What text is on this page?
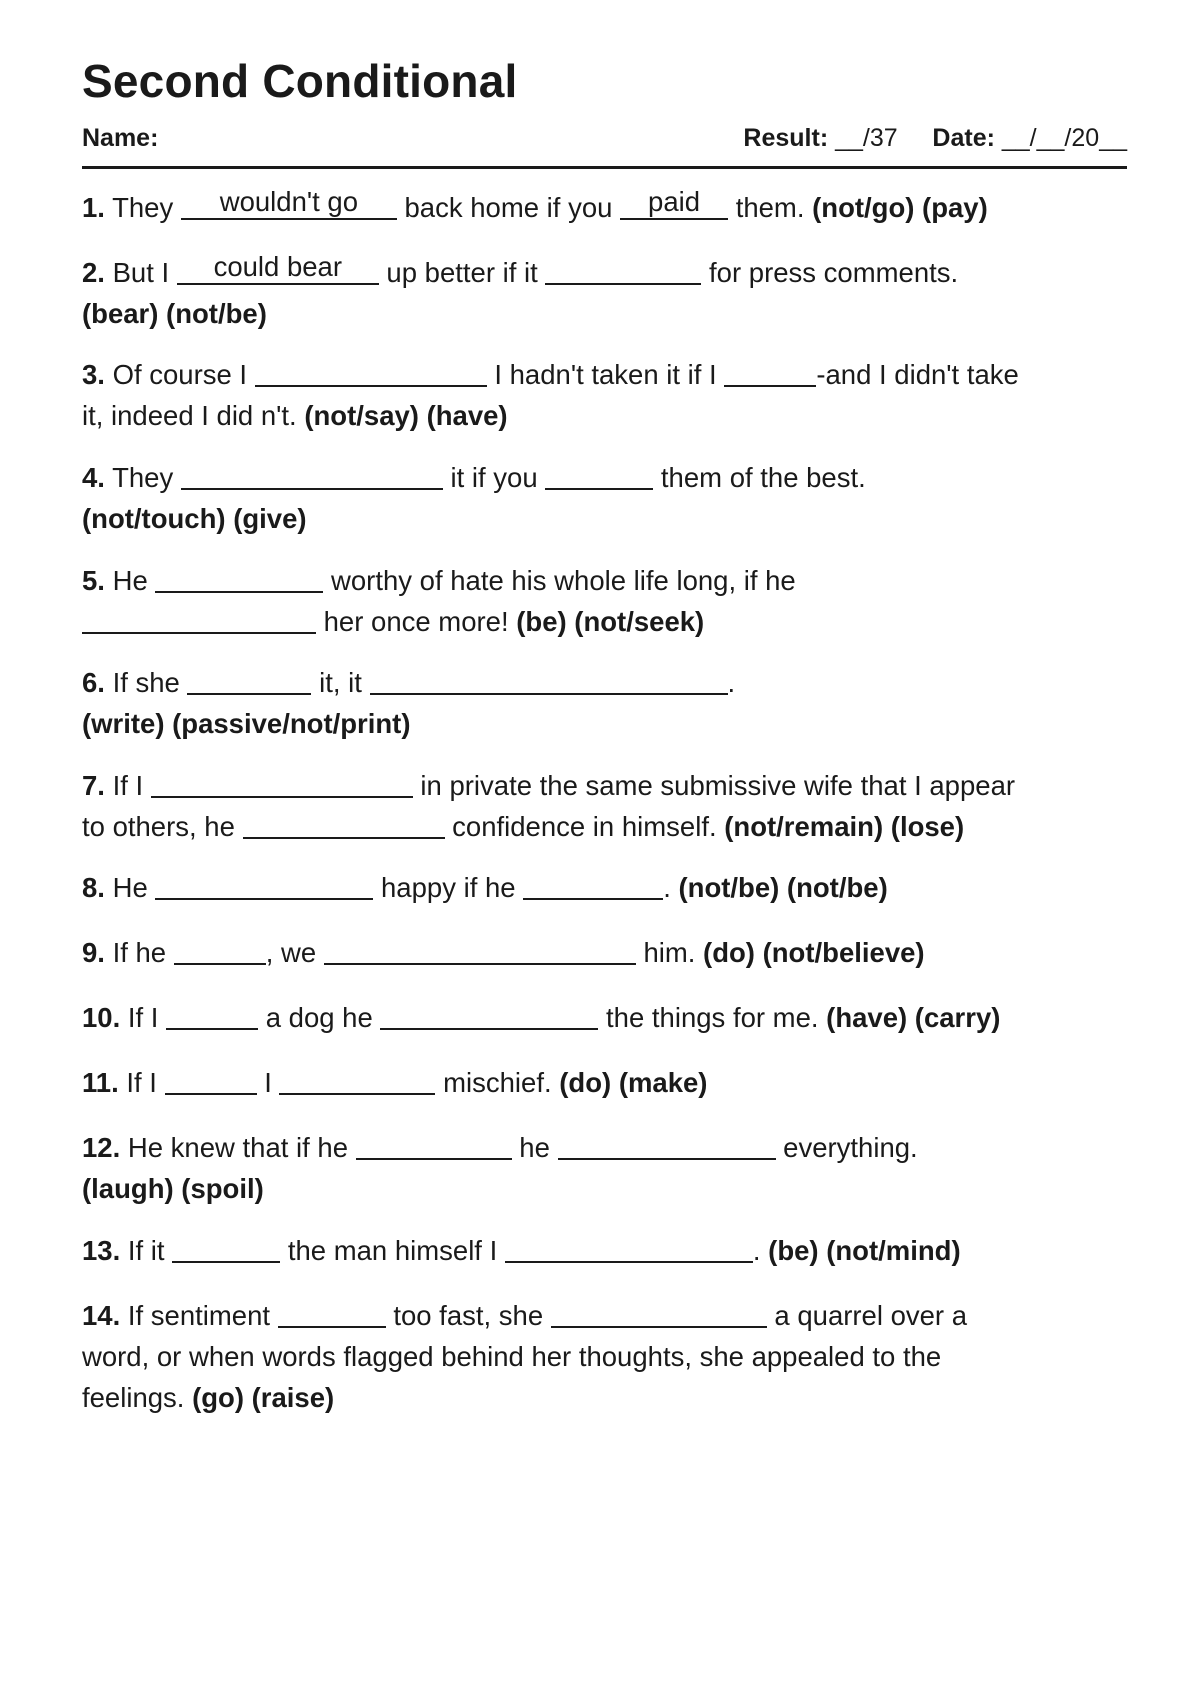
Second Conditional
Name:	Result: __/37 Date: __/__/20__
1. They	wouldn't go	back home if you	paid	them. (not/go) (pay)
2. But I	could bear	up better if it	for press comments.
(bear) (not/be)
3. Of course I	I hadn't taken it if I	-and I didn't take
it, indeed I did n't. (not/say) (have)
4. They	it if you	them of the best.
(not/touch) (give)
5. He	worthy of hate his whole life long, if he

her once more! (be) (not/seek)
6. If she	it, it	.
(write) (passive/not/print)
7. If I	in private the same submissive wife that I appear
to others, he	confidence in himself. (not/remain) (lose)
8. He	happy if he	. (not/be) (not/be)
9. If he	, we	him. (do) (not/believe)
10. If I	a dog he	the things for me. (have) (carry)
11. If I	I	mischief. (do) (make)
12. He knew that if he	he	everything.
(laugh) (spoil)
13. If it	the man himself I	. (be) (not/mind)
14. If sentiment	too fast, she	a quarrel over a
word, or when words flagged behind her thoughts, she appealed to the
feelings. (go) (raise)
